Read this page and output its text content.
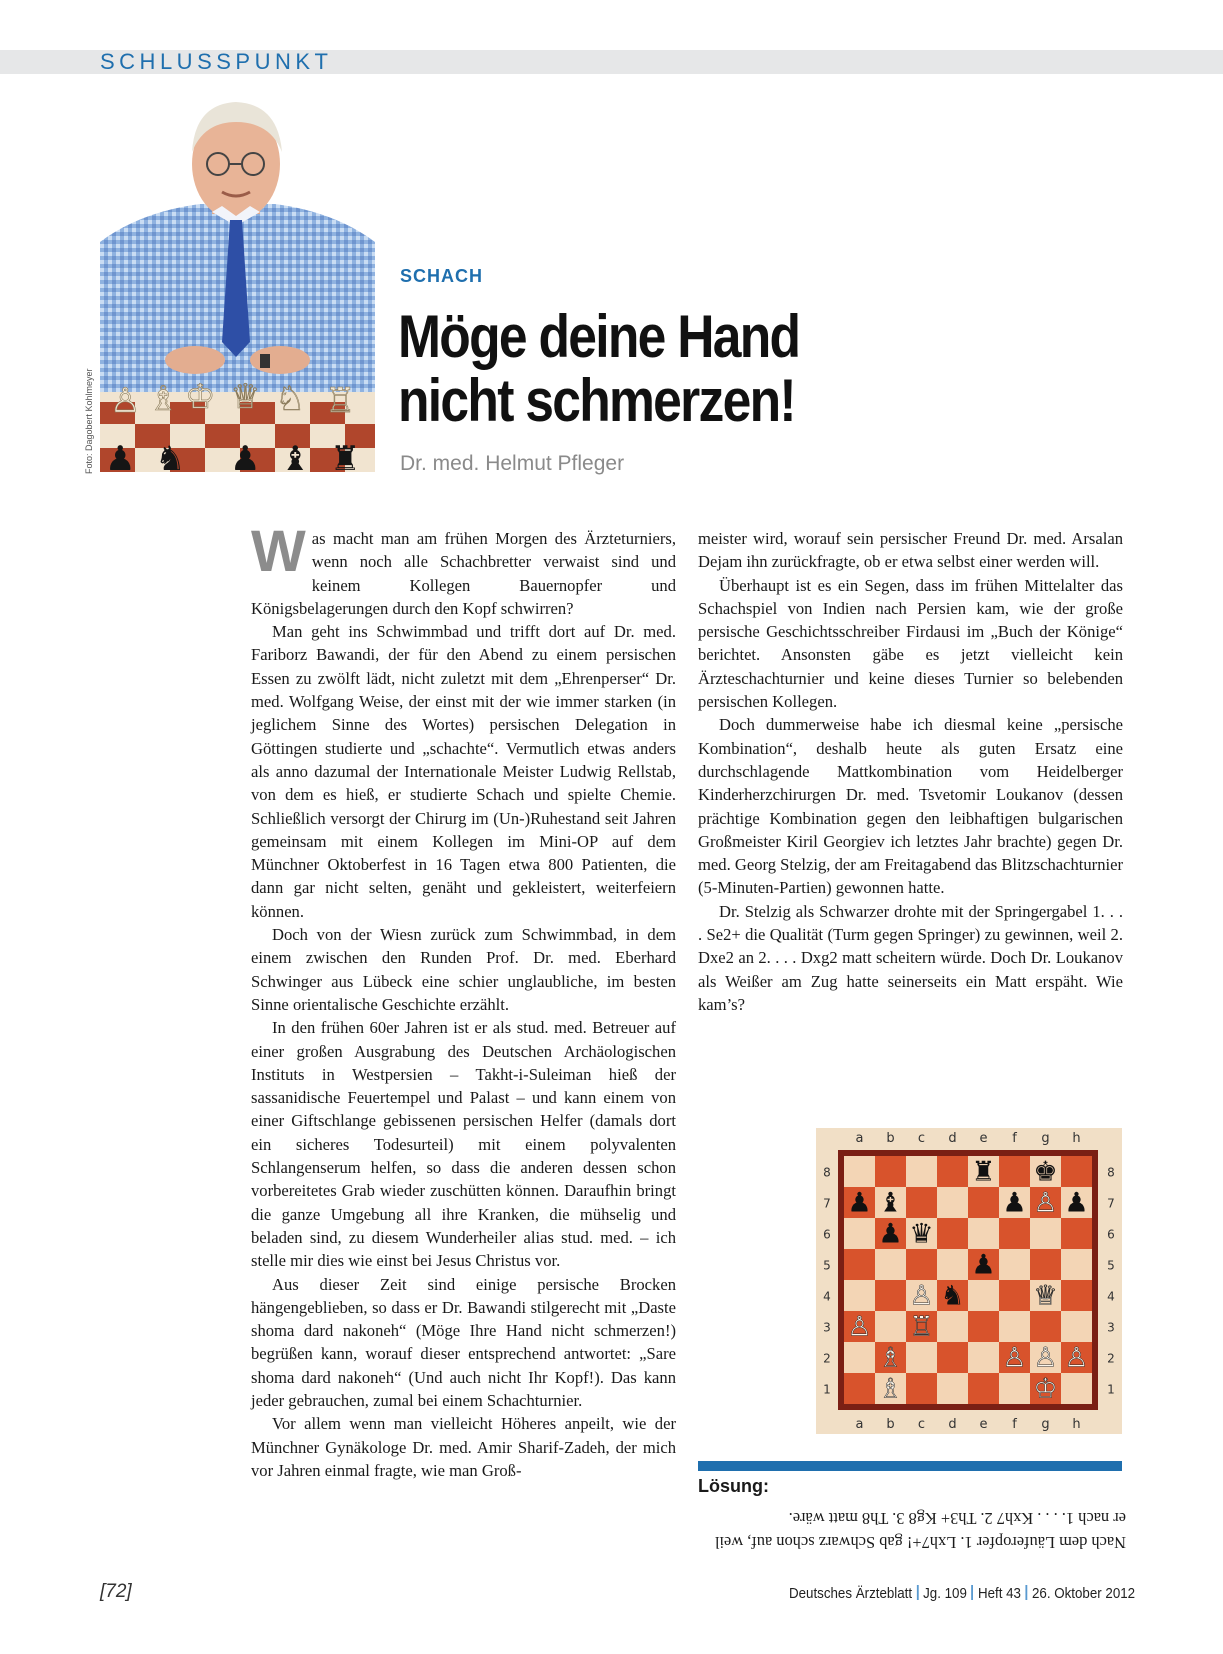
SCHLUSSPUNKT
♙ ♗ ♔ ♕ ♘ ♖
♟ ♞ ♟ ♝ ♜
Foto: Dagobert Kohlmeyer
SCHACH
Möge deine Hand
nicht schmerzen!
Dr. med. Helmut Pfleger

Was macht man am frühen Morgen des Ärzteturniers, wenn noch alle Schachbretter verwaist sind und keinem Kollegen Bauernopfer und Königsbelagerungen durch den Kopf schwirren?

Man geht ins Schwimmbad und trifft dort auf Dr. med. Fariborz Bawandi, der für den Abend zu einem persischen Essen zu zwölft lädt, nicht zuletzt mit dem „Ehrenperser“ Dr. med. Wolfgang Weise, der einst mit der wie immer starken (in jeglichem Sinne des Wortes) persischen Delegation in Göttingen studierte und „schachte“. Vermutlich etwas anders als anno dazumal der Internationale Meister Ludwig Rellstab, von dem es hieß, er studierte Schach und spielte Chemie. Schließlich versorgt der Chirurg im (Un-)Ruhestand seit Jahren gemeinsam mit einem Kollegen im Mini-OP auf dem Münchner Oktoberfest in 16 Tagen etwa 800 Patienten, die dann gar nicht selten, genäht und gekleistert, weiterfeiern können.

Doch von der Wiesn zurück zum Schwimmbad, in dem einem zwischen den Runden Prof. Dr. med. Eberhard Schwinger aus Lübeck eine schier unglaubliche, im besten Sinne orientalische Geschichte erzählt.

In den frühen 60er Jahren ist er als stud. med. Betreuer auf einer großen Ausgrabung des Deutschen Archäologischen Instituts in Westpersien – Takht-i-Suleiman hieß der sassanidische Feuertempel und Palast – und kann einem von einer Giftschlange gebissenen persischen Helfer (damals dort ein sicheres Todesurteil) mit einem polyvalenten Schlangenserum helfen, so dass die anderen dessen schon vorbereitetes Grab wieder zuschütten können. Daraufhin bringt die ganze Umgebung all ihre Kranken, die mühselig und beladen sind, zu diesem Wunderheiler alias stud. med. – ich stelle mir dies wie einst bei Jesus Christus vor.

Aus dieser Zeit sind einige persische Brocken hängengeblieben, so dass er Dr. Bawandi stilgerecht mit „Daste shoma dard nakoneh“ (Möge Ihre Hand nicht schmerzen!) begrüßen kann, worauf dieser entsprechend antwortet: „Sare shoma dard nakoneh“ (Und auch nicht Ihr Kopf!). Das kann jeder gebrauchen, zumal bei einem Schachturnier.

Vor allem wenn man vielleicht Höheres anpeilt, wie der Münchner Gynäkologe Dr. med. Amir Sharif-Zadeh, der mich vor Jahren einmal fragte, wie man Groß-

meister wird, worauf sein persischer Freund Dr. med. Arsalan Dejam ihn zurückfragte, ob er etwa selbst einer werden will.

Überhaupt ist es ein Segen, dass im frühen Mittelalter das Schachspiel von Indien nach Persien kam, wie der große persische Geschichtsschreiber Firdausi im „Buch der Könige“ berichtet. Ansonsten gäbe es jetzt vielleicht kein Ärzteschachturnier und keine dieses Turnier so belebenden persischen Kollegen.

Doch dummerweise habe ich diesmal keine „persische Kombination“, deshalb heute als guten Ersatz eine durchschlagende Mattkombination vom Heidelberger Kinderherzchirurgen Dr. med. Tsvetomir Loukanov (dessen prächtige Kombination gegen den leibhaftigen bulgarischen Großmeister Kiril Georgiev ich letztes Jahr brachte) gegen Dr. med. Georg Stelzig, der am Freitagabend das Blitzschachturnier (5-Minuten-Partien) gewonnen hatte.

Dr. Stelzig als Schwarzer drohte mit der Springergabel 1. . . . Se2+ die Qualität (Turm gegen Springer) zu gewinnen, weil 2. Dxe2 an 2. . . . Dxg2 matt scheitern würde. Doch Dr. Loukanov als Weißer am Zug hatte seinerseits ein Matt erspäht. Wie kam’s?

a
a
b
b
c
c
d
d
e
e
f
f
g
g
h
h
8	8
7	7
6	6
5	5
4	4
3	3
2	2
1	1
♜ ♚
♟ ♝	♟ ♙ ♟
♟ ♛
♟
♙ ♞	♕
♙ ♖
♗	♙ ♙ ♙
♗	♔
Lösung:
Nach dem Läuferopfer 1. Lxh7+! gab Schwarz schon auf, weil
er nach 1. . . . Kxh7 2. Th3+ Kg8 3. Th8 matt wäre.
[72]	Deutsches Ärzteblatt Jg. 109 Heft 43 26. Oktober 2012
